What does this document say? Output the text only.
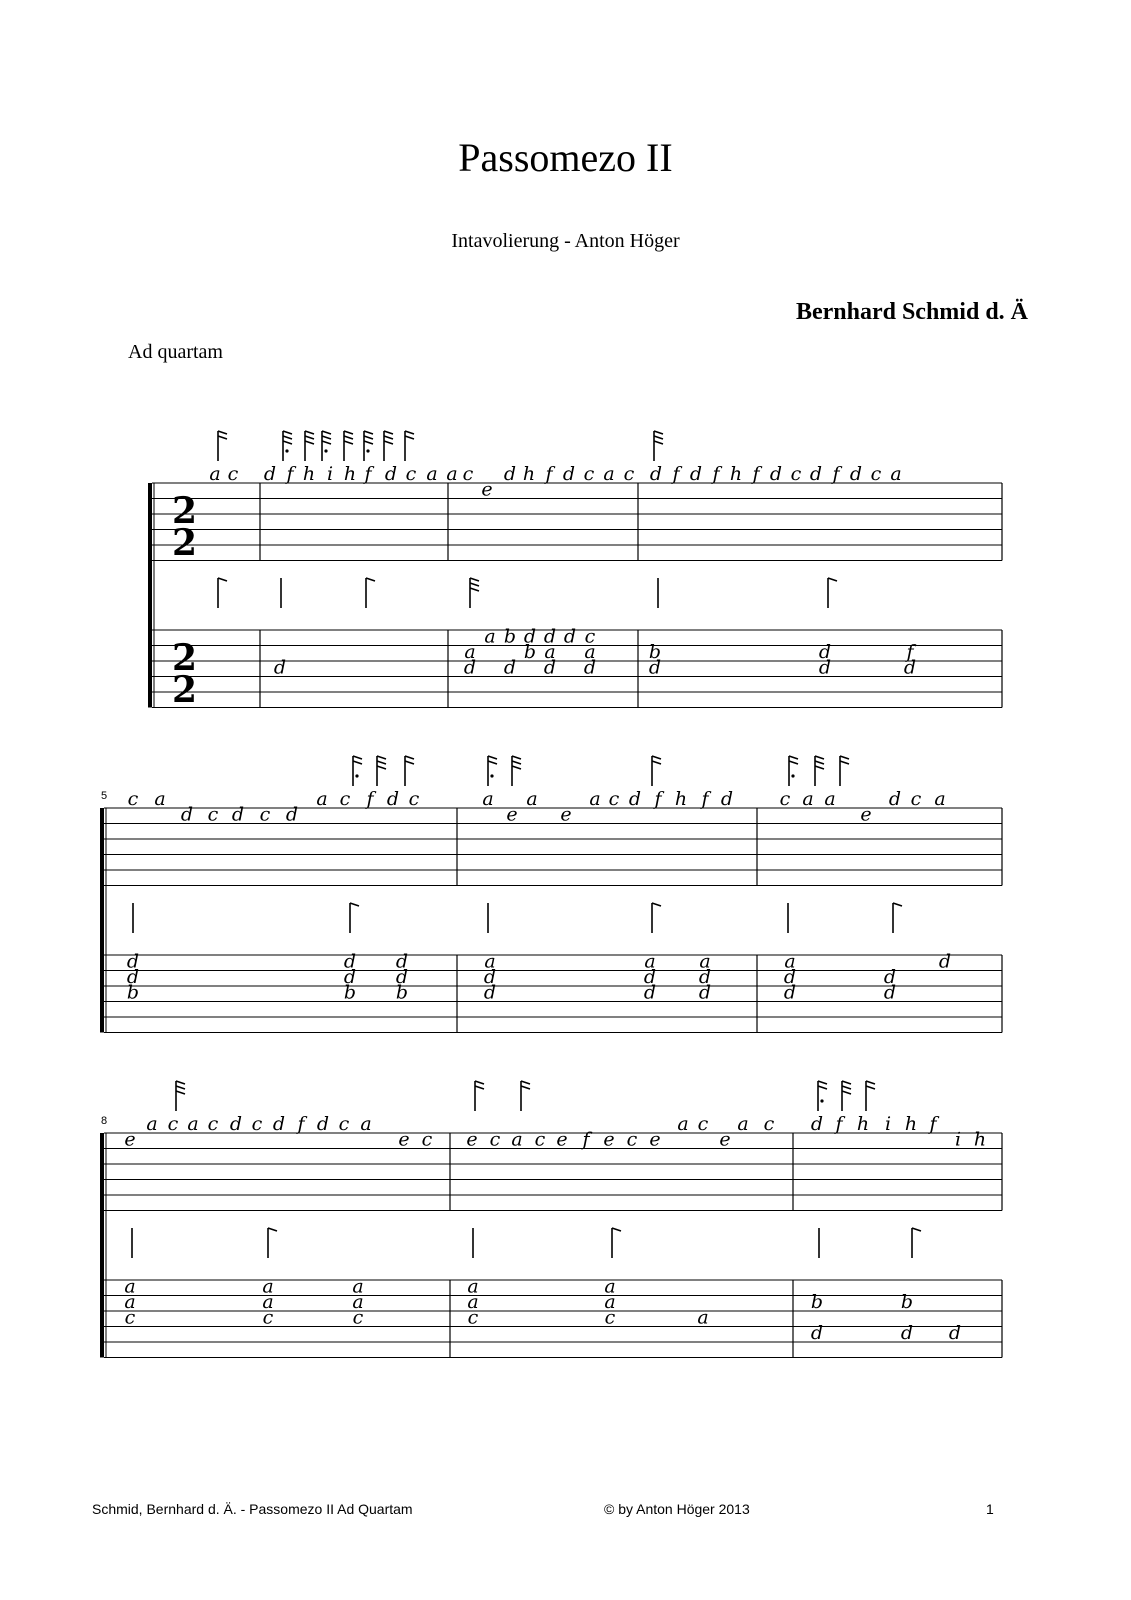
Passomezo II
Intavolierung - Anton Höger
Bernhard Schmid d. Ä
Ad quartam
2
2
2
2
a c d f h i h f d c a a c d h f d c a c d f d f h f d c d f d c a
e
a b d d d c
a	a a	b	d	f
b
d d d d	d	d	d
d
5 c a	a c f d c	a a	a c d f h f d c a a	d c a
d c d c d	e e	e
d	d d	a	a a	a	d
d	d d	d	d d	d	d
b	b b	d	d d	d	d
8 a c a c d c d f d c a	a c a c d f h i h f
e	e c e c a c e f e c e	e	i h
a	a	a	a	a
a	a	a	a	a	b	b
c	c	c	c	c	a
d	d d
Schmid, Bernhard d. Ä. - Passomezo II Ad Quartam	© by Anton Höger 2013	1
